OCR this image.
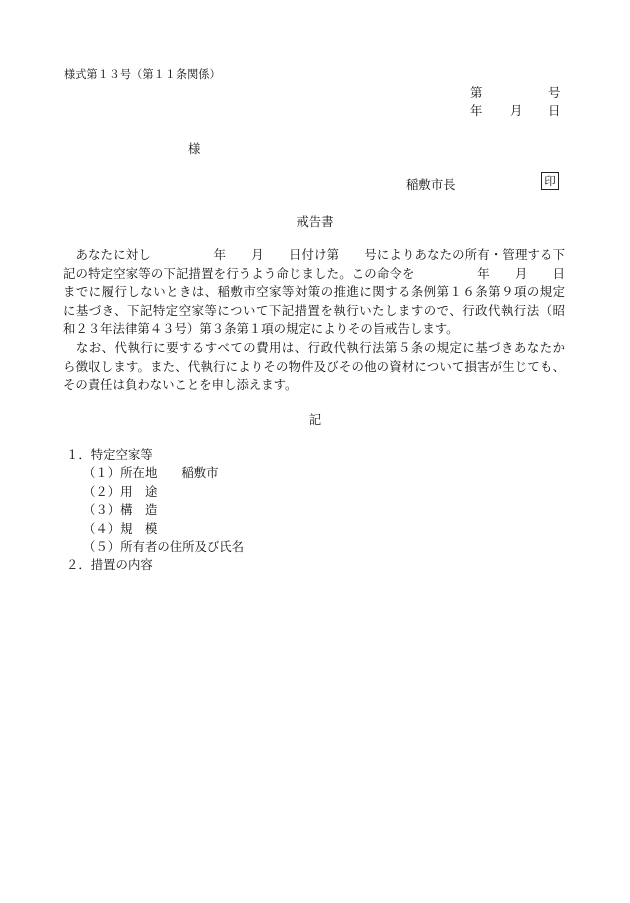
様式第１３号（第１１条関係）
第	号
年 月 日
様
稲敷市長	印
戒告書
　あなたに対し　　　　　年　　月　　日付け第　　号によりあなたの所有・管理する下
記の特定空家等の下記措置を行うよう命じました。この命令を　　　　　年　　月　　日
までに履行しないときは、稲敷市空家等対策の推進に関する条例第１６条第９項の規定
に基づき、下記特定空家等について下記措置を執行いたしますので、行政代執行法（昭
和２３年法律第４３号）第３条第１項の規定によりその旨戒告します。
　なお、代執行に要するすべての費用は、行政代執行法第５条の規定に基づきあなたか
ら徴収します。また、代執行によりその物件及びその他の資材について損害が生じても、
その責任は負わないことを申し添えます。
記
１．特定空家等
（１）所在地 稲敷市
（２）用　途
（３）構　造
（４）規　模
（５）所有者の住所及び氏名
２．措置の内容
